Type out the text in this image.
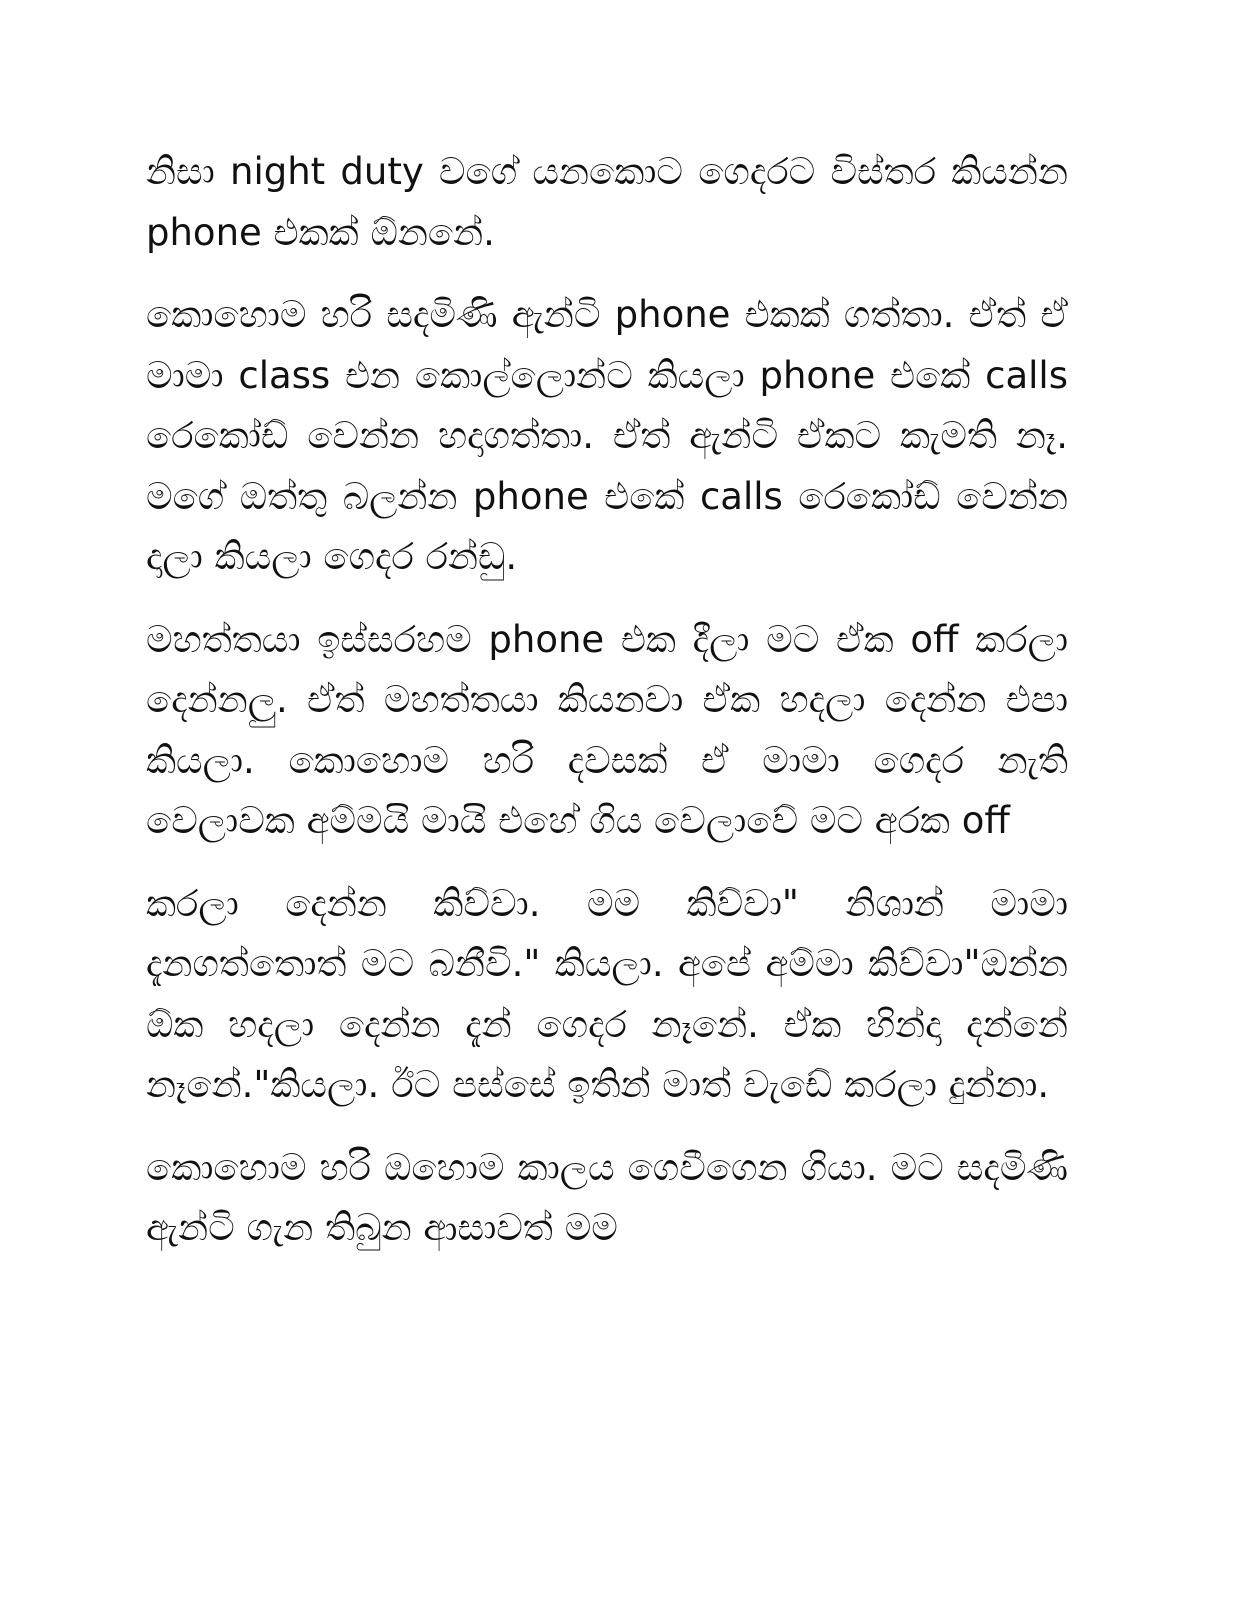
නිසා night duty වගේ යනකොට ගෙදරට විස්තර කියන්න phone එකක් ඕනනේ.

කොහොම හරි සදමිණි ඇන්ටි phone එකක් ගත්තා. ඒත් ඒ මාමා class එන කොල්ලොන්ට කියලා phone එකේ calls රෙකෝඩ් වෙන්න හදාගත්තා. ඒත් ඇන්ටි ඒකට කැමති නෑ. මගේ ඔත්තු බලන්න phone එකේ calls රෙකෝඩ් වෙන්න දාලා කියලා ගෙදර රන්ඩු.

මහත්තයා ඉස්සරහම phone එක දීලා මට ඒක off කරලා දෙන්නලු. ඒත් මහත්තයා කියනවා ඒක හදලා දෙන්න එපා කියලා. කොහොම හරි දවසක් ඒ මාමා ගෙදර නැති වෙලාවක අම්මයි මායි එහේ ගිය වෙලාවේ මට අරක off

කරලා දෙන්න කිව්වා. මම කිව්වා" නිශාන් මාමා දැනගත්තොත් මට බනීවි." කියලා. අපේ අම්මා කිව්වා"ඔන්න ඕක හදලා දෙන්න දැන් ගෙදර නෑනේ. ඒක හින්දා දන්නේ නෑනේ."කියලා. ඊට පස්සේ ඉතින් මාත් වැඩේ කරලා දුන්නා.

කොහොම හරි ඔහොම කාලය ගෙවීගෙන ගියා. මට සදමිණි ඇන්ටි ගැන තිබුන ආසාවත් මම
